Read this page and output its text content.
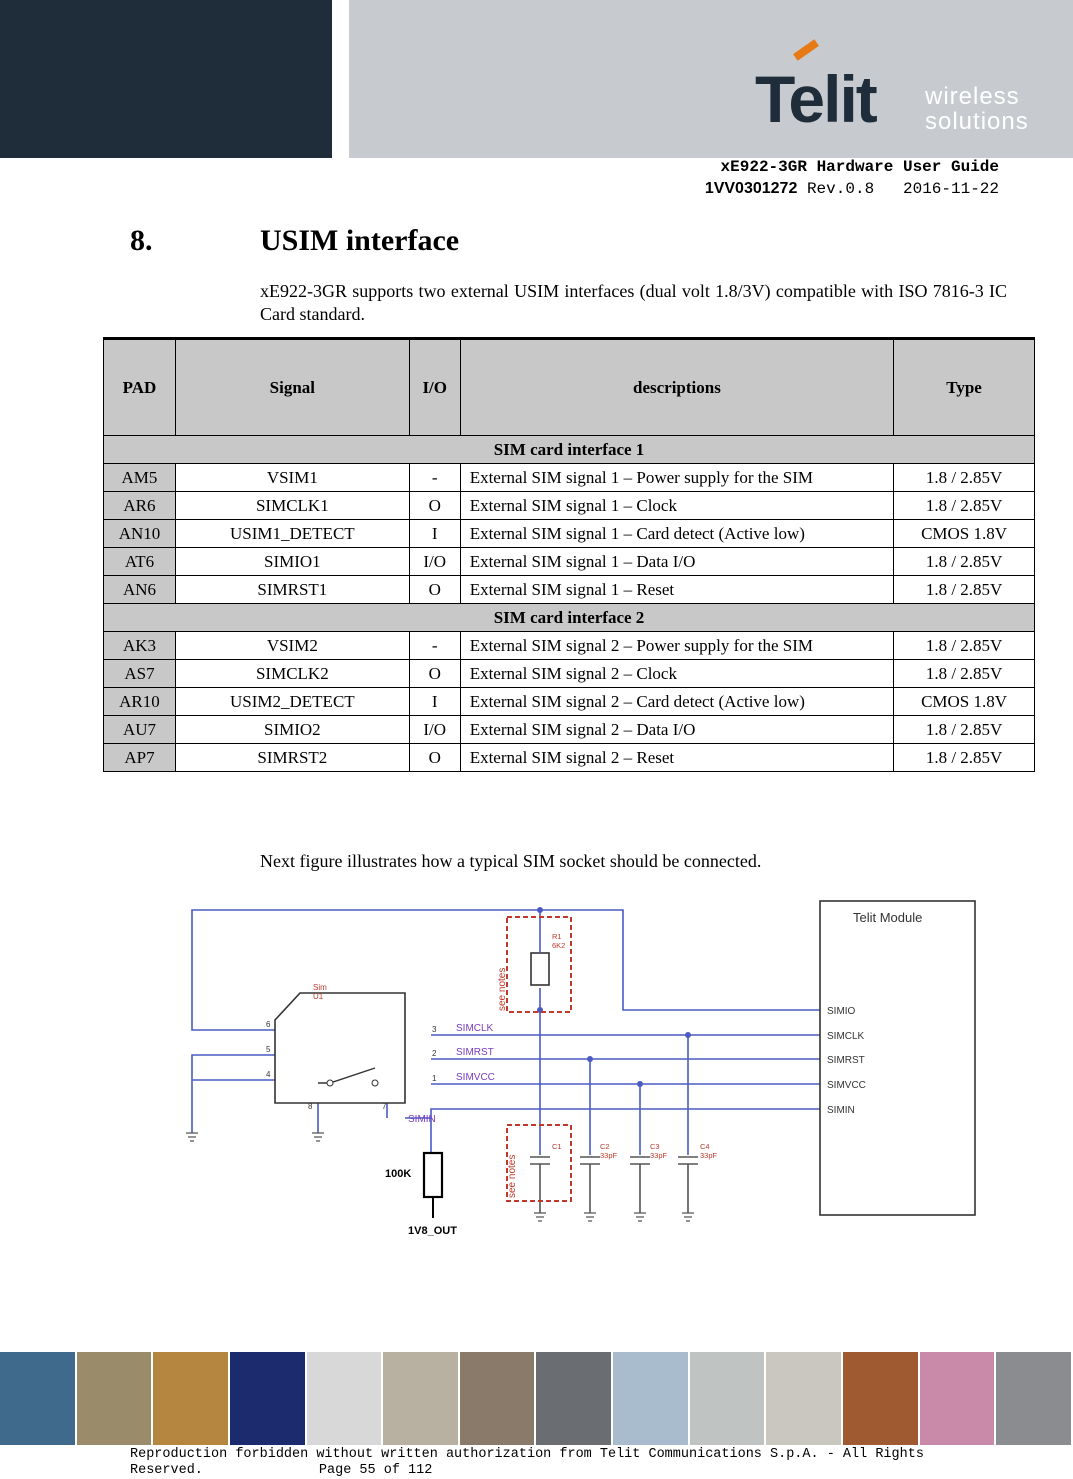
Telit wireless
solutions
xE922-3GR Hardware User Guide
1VV0301272 Rev.0.8 2016-11-22
8.	USIM interface
xE922-3GR supports two external USIM interfaces (dual volt 1.8/3V) compatible with ISO 7816-3 IC Card standard.
PAD	Signal	I/O	descriptions	Type
SIM card interface 1				
AM5	VSIM1	-	External SIM signal 1 – Power supply for the SIM	1.8 / 2.85V
AR6	SIMCLK1	O	External SIM signal 1 – Clock	1.8 / 2.85V
AN10	USIM1_DETECT	I	External SIM signal 1 – Card detect (Active low)	CMOS 1.8V
AT6	SIMIO1	I/O	External SIM signal 1 – Data I/O	1.8 / 2.85V
AN6	SIMRST1	O	External SIM signal 1 – Reset	1.8 / 2.85V
SIM card interface 2				
AK3	VSIM2	-	External SIM signal 2 – Power supply for the SIM	1.8 / 2.85V
AS7	SIMCLK2	O	External SIM signal 2 – Clock	1.8 / 2.85V
AR10	USIM2_DETECT	I	External SIM signal 2 – Card detect (Active low)	CMOS 1.8V
AU7	SIMIO2	I/O	External SIM signal 2 – Data I/O	1.8 / 2.85V
AP7	SIMRST2	O	External SIM signal 2 – Reset	1.8 / 2.85V
Next figure illustrates how a typical SIM socket should be connected.
Sim
U1
6
5
4
3
2
1
8	7
SIMCLK
SIMRST
SIMVCC
SIMIN
C1	C2
33pF
C3
33pF
C4
33pF
R1
6K2
see notes
see notes
100K
1V8_OUT
Telit Module
SIMIO
SIMCLK
SIMRST
SIMVCC
SIMIN
Reproduction forbidden without written authorization from Telit Communications S.p.A. - All Rights
Reserved.	Page 55 of 112
